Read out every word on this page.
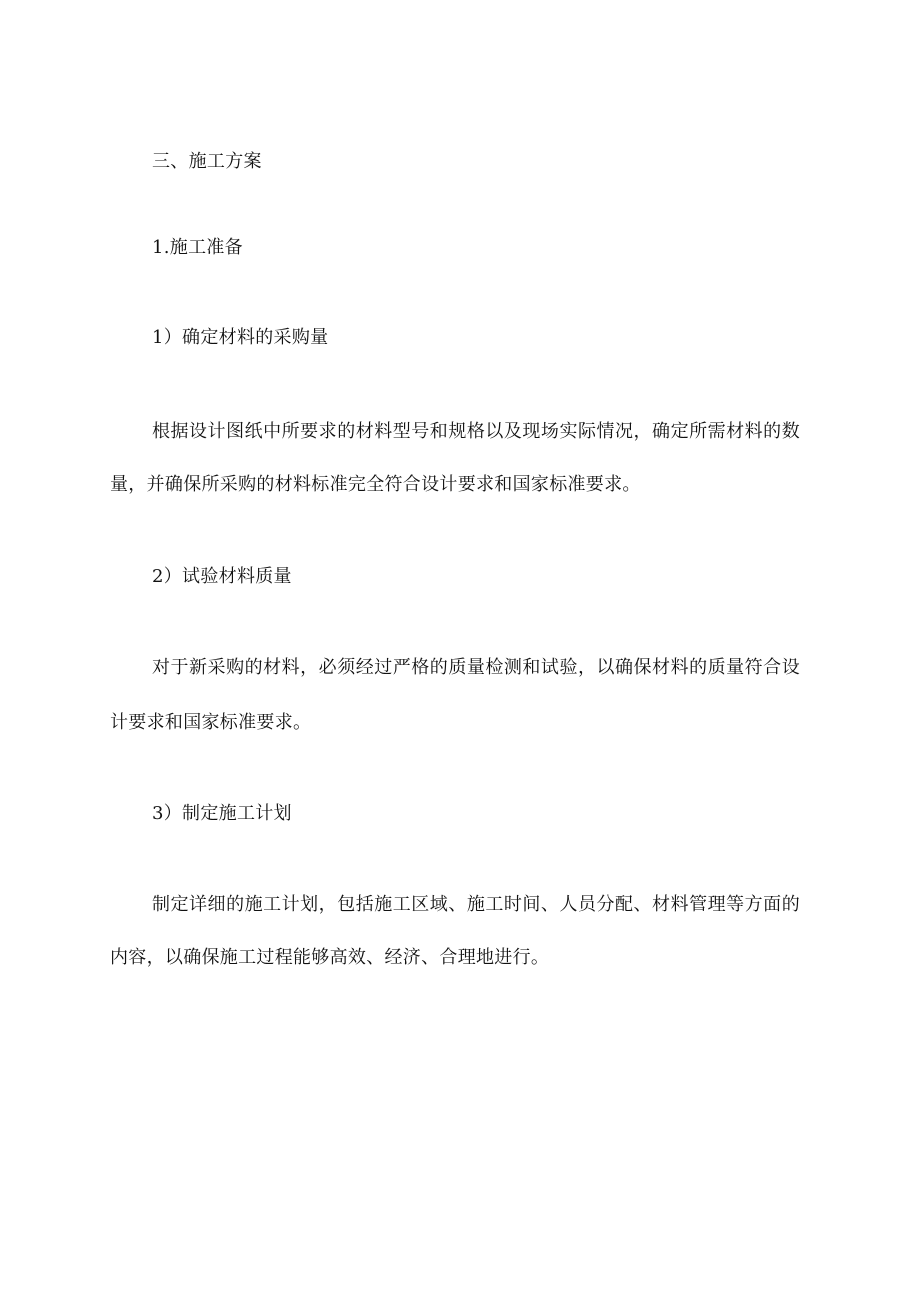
三、施工方案

1.施工准备

1）确定材料的采购量

根据设计图纸中所要求的材料型号和规格以及现场实际情况，确定所需材料的数

量，并确保所采购的材料标准完全符合设计要求和国家标准要求。

2）试验材料质量

对于新采购的材料，必须经过严格的质量检测和试验，以确保材料的质量符合设

计要求和国家标准要求。

3）制定施工计划

制定详细的施工计划，包括施工区域、施工时间、人员分配、材料管理等方面的

内容，以确保施工过程能够高效、经济、合理地进行。
